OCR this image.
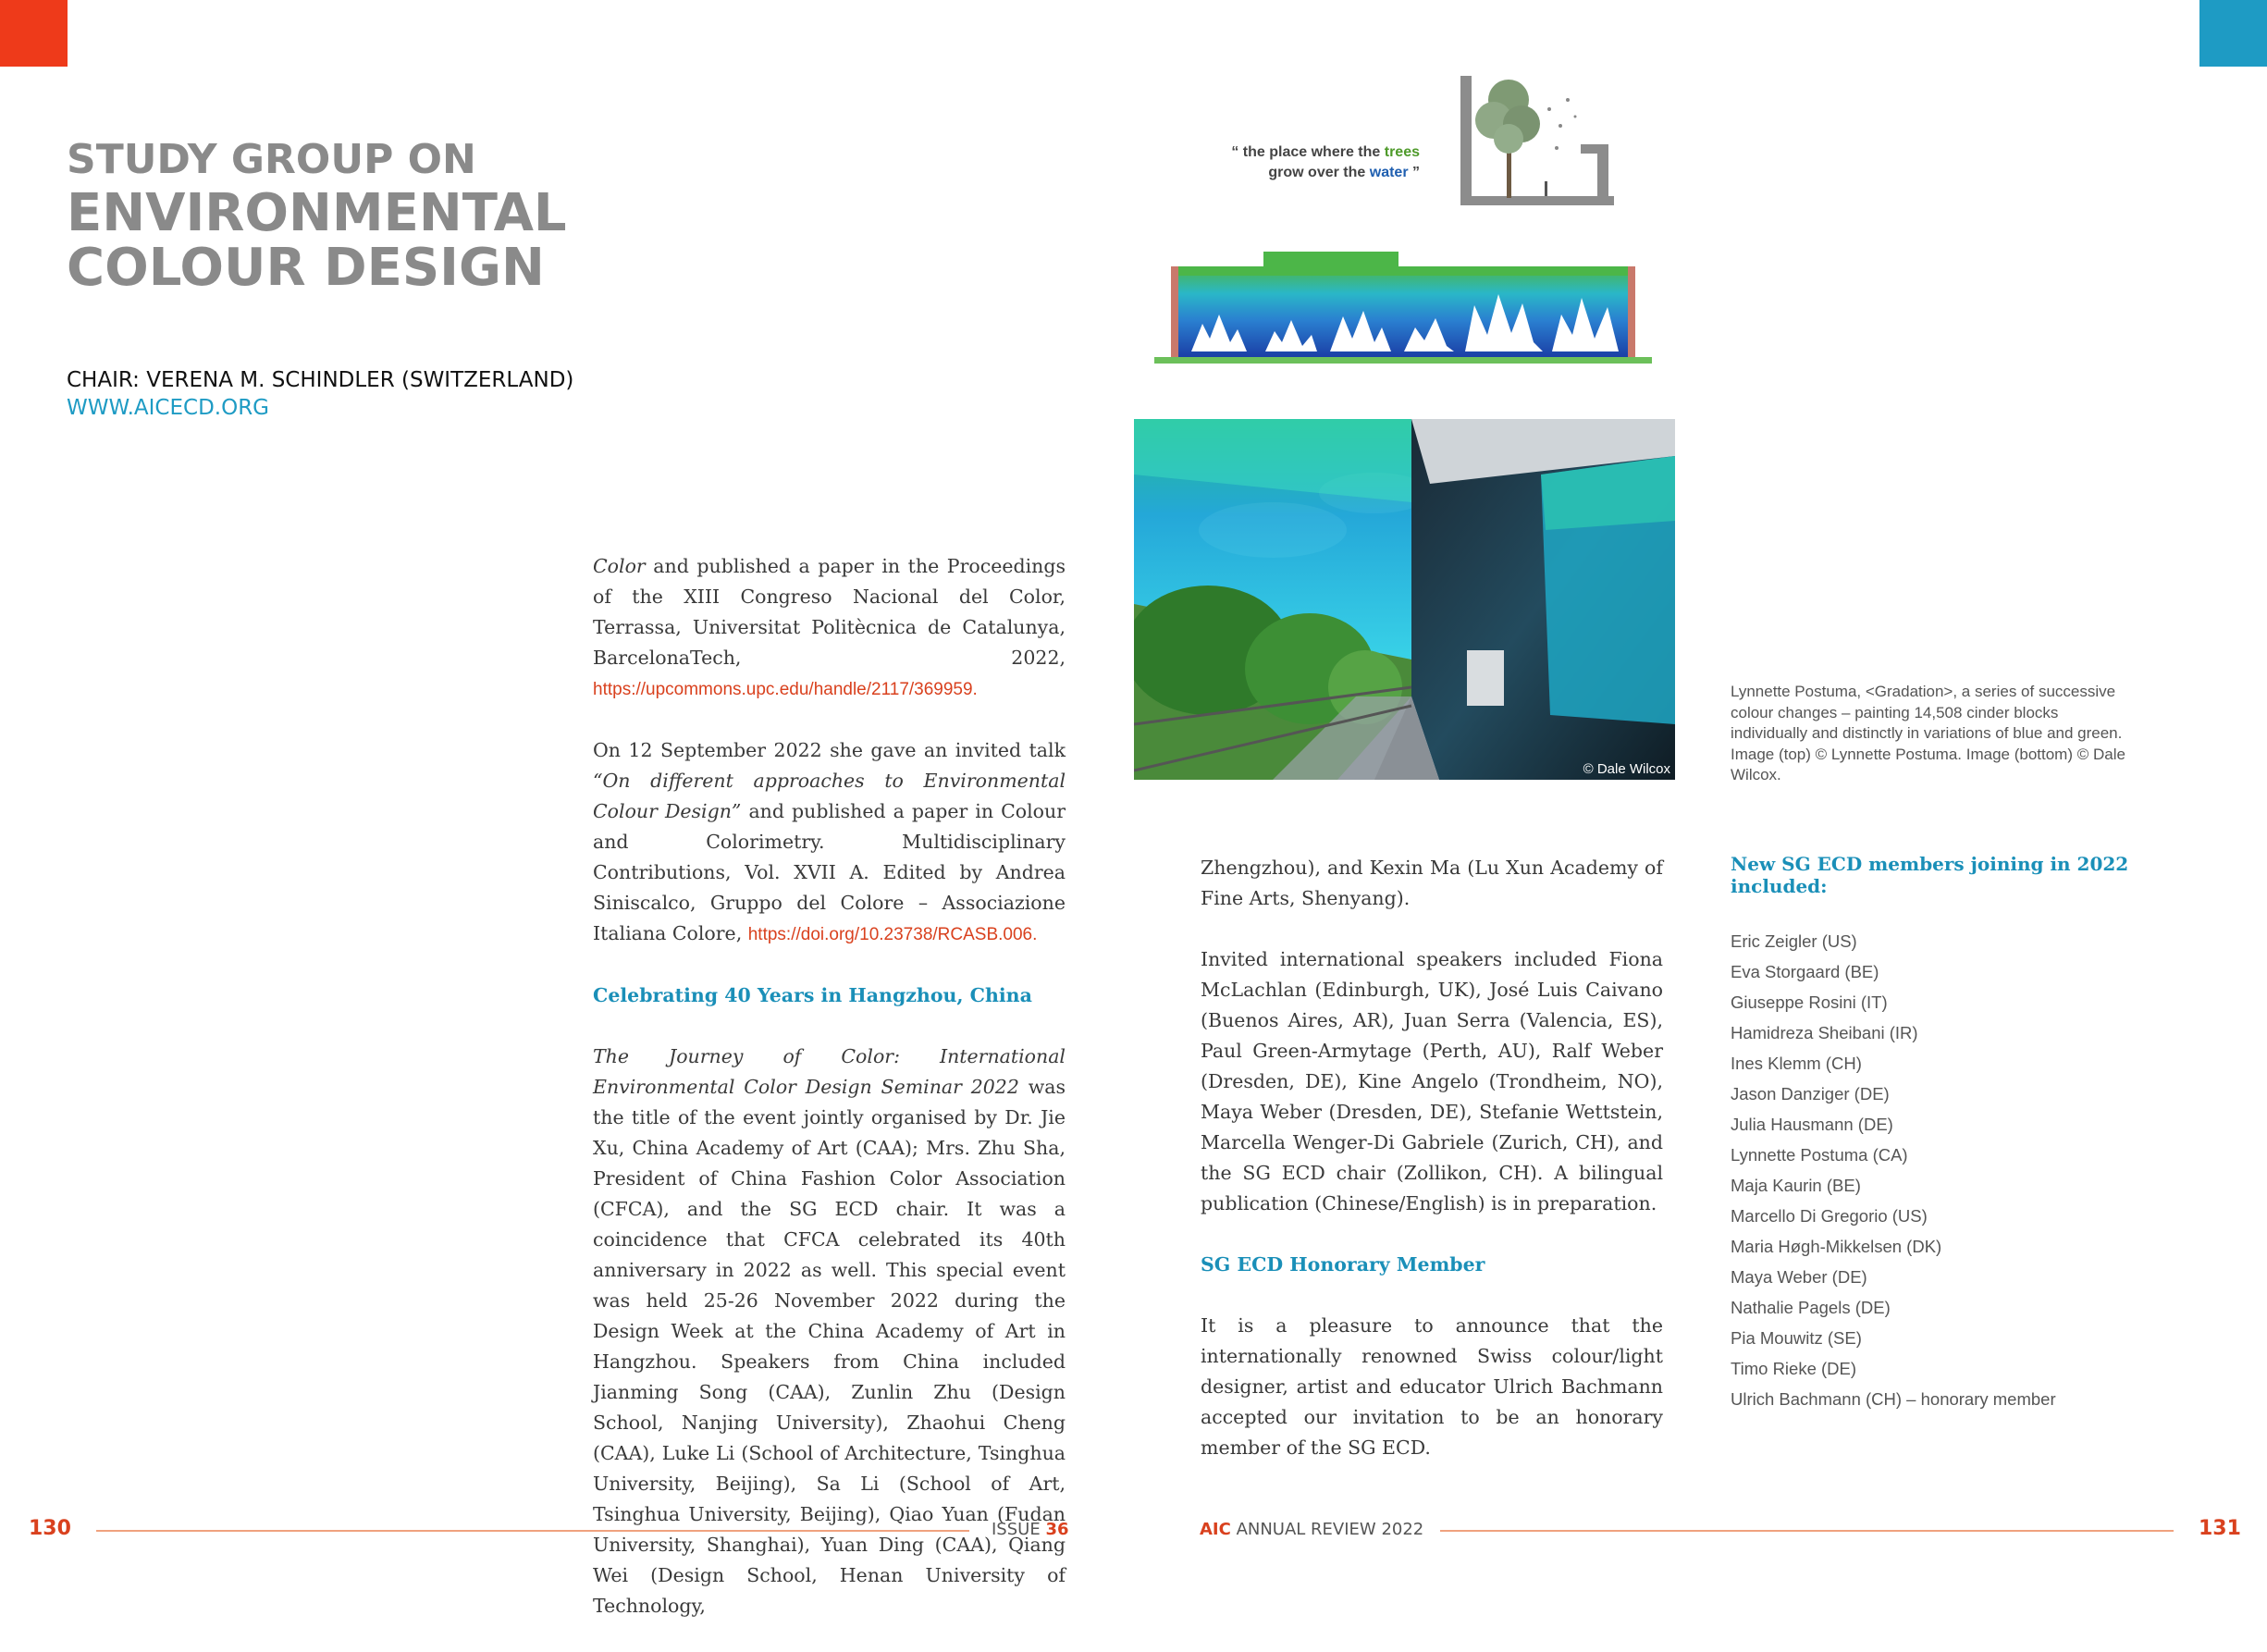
STUDY GROUP ON
ENVIRONMENTAL
COLOUR DESIGN
CHAIR: VERENA M. SCHINDLER (SWITZERLAND)
WWW.AICECD.ORG

Color and published a paper in the Proceedings of the XIII Congreso Nacional del Color, Terrassa, Universitat Politècnica de Catalunya, BarcelonaTech, 2022, https://upcommons.upc.edu/handle/2117/369959.

On 12 September 2022 she gave an invited talk “On different approaches to Environmental Colour Design” and published a paper in Colour and Colorimetry. Multidisciplinary Contributions, Vol. XVII A. Edited by Andrea Siniscalco, Gruppo del Colore – Associazione Italiana Colore, https://doi.org/10.23738/RCASB.006.

Celebrating 40 Years in Hangzhou, China

The Journey of Color: International Environmental Color Design Seminar 2022 was the title of the event jointly organised by Dr. Jie Xu, China Academy of Art (CAA); Mrs. Zhu Sha, President of China Fashion Color Association (CFCA), and the SG ECD chair. It was a coincidence that CFCA celebrated its 40th anniversary in 2022 as well. This special event was held 25-26 November 2022 during the Design Week at the China Academy of Art in Hangzhou. Speakers from China included Jianming Song (CAA), Zunlin Zhu (Design School, Nanjing University), Zhaohui Cheng (CAA), Luke Li (School of Architecture, Tsinghua University, Beijing), Sa Li (School of Art, Tsinghua University, Beijing), Qiao Yuan (Fudan University, Shanghai), Yuan Ding (CAA), Qiang Wei (Design School, Henan University of Technology,

“ the place where the trees
grow over the water ”
© Dale Wilcox
Lynnette Postuma, <Gradation>, a series of successive colour changes – painting 14,508 cinder blocks individually and distinctly in variations of blue and green. Image (top) © Lynnette Postuma. Image (bottom) © Dale Wilcox.

Zhengzhou), and Kexin Ma (Lu Xun Academy of Fine Arts, Shenyang).

Invited international speakers included Fiona McLachlan (Edinburgh, UK), José Luis Caivano (Buenos Aires, AR), Juan Serra (Valencia, ES), Paul Green-Armytage (Perth, AU), Ralf Weber (Dresden, DE), Kine Angelo (Trondheim, NO), Maya Weber (Dresden, DE), Stefanie Wettstein, Marcella Wenger-Di Gabriele (Zurich, CH), and the SG ECD chair (Zollikon, CH). A bilingual publication (Chinese/English) is in preparation.

SG ECD Honorary Member

It is a pleasure to announce that the internationally renowned Swiss colour/light designer, artist and educator Ulrich Bachmann accepted our invitation to be an honorary member of the SG ECD.

New SG ECD members joining in 2022 included:
Eric Zeigler (US)
Eva Storgaard (BE)
Giuseppe Rosini (IT)
Hamidreza Sheibani (IR)
Ines Klemm (CH)
Jason Danziger (DE)
Julia Hausmann (DE)
Lynnette Postuma (CA)
Maja Kaurin (BE)
Marcello Di Gregorio (US)
Maria Høgh-Mikkelsen (DK)
Maya Weber (DE)
Nathalie Pagels (DE)
Pia Mouwitz (SE)
Timo Rieke (DE)
Ulrich Bachmann (CH) – honorary member
130	ISSUE 36	AIC ANNUAL REVIEW 2022	131
